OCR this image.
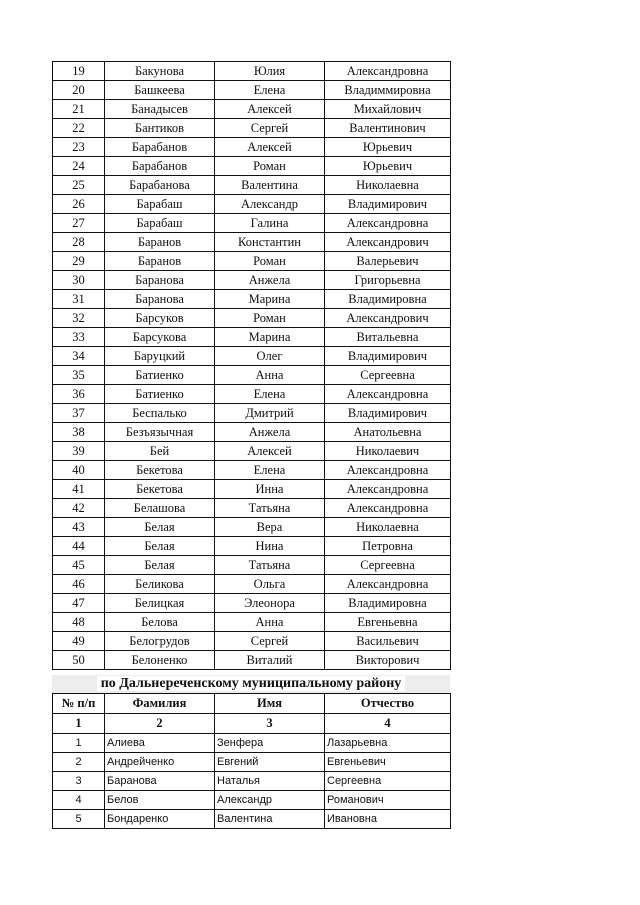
19	Бакунова	Юлия	Александровна
20	Башкеева	Елена	Владиммировна
21	Банадысев	Алексей	Михайлович
22	Бантиков	Сергей	Валентинович
23	Барабанов	Алексей	Юрьевич
24	Барабанов	Роман	Юрьевич
25	Барабанова	Валентина	Николаевна
26	Барабаш	Александр	Владимирович
27	Барабаш	Галина	Александровна
28	Баранов	Константин	Александрович
29	Баранов	Роман	Валерьевич
30	Баранова	Анжела	Григорьевна
31	Баранова	Марина	Владимировна
32	Барсуков	Роман	Александрович
33	Барсукова	Марина	Витальевна
34	Баруцкий	Олег	Владимирович
35	Батиенко	Анна	Сергеевна
36	Батиенко	Елена	Александровна
37	Беспалько	Дмитрий	Владимирович
38	Безъязычная	Анжела	Анатольевна
39	Бей	Алексей	Николаевич
40	Бекетова	Елена	Александровна
41	Бекетова	Инна	Александровна
42	Белашова	Татьяна	Александровна
43	Белая	Вера	Николаевна
44	Белая	Нина	Петровна
45	Белая	Татьяна	Сергеевна
46	Беликова	Ольга	Александровна
47	Белицкая	Элеонора	Владимировна
48	Белова	Анна	Евгеньевна
49	Белогрудов	Сергей	Васильевич
50	Белоненко	Виталий	Викторович
по Дальнереченскому муниципальному району
№ п/п	Фамилия	Имя	Отчество
1	2	3	4
1	Алиева	Зенфера	Лазарьевна
2	Андрейченко	Евгений	Евгеньевич
3	Баранова	Наталья	Сергеевна
4	Белов	Александр	Романович
5	Бондаренко	Валентина	Ивановна
